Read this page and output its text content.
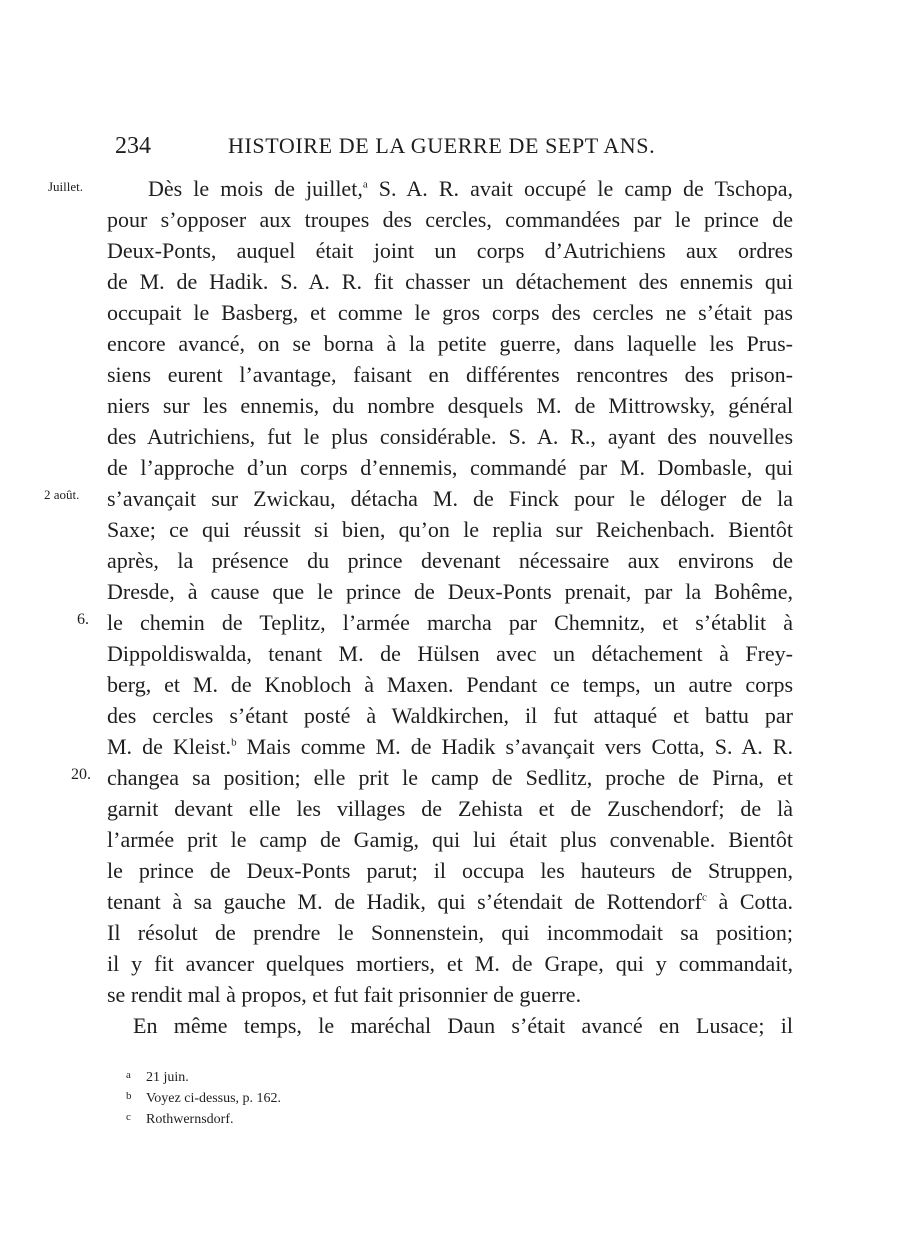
234	HISTOIRE DE LA GUERRE DE SEPT ANS.
Juillet.
2 août.
6.
20.
Dès le mois de juillet,$^a$ S. A. R. avait occupé le camp de Tschopa,
pour s’opposer aux troupes des cercles, commandées par le prince de
Deux-Ponts, auquel était joint un corps d’Autrichiens aux ordres
de M. de Hadik. S. A. R. fit chasser un détachement des ennemis qui
occupait le Basberg, et comme le gros corps des cercles ne s’était pas
encore avancé, on se borna à la petite guerre, dans laquelle les Prus-
siens eurent l’avantage, faisant en différentes rencontres des prison-
niers sur les ennemis, du nombre desquels M. de Mittrowsky, général
des Autrichiens, fut le plus considérable. S. A. R., ayant des nouvelles
de l’approche d’un corps d’ennemis, commandé par M. Dombasle, qui
s’avançait sur Zwickau, détacha M. de Finck pour le déloger de la
Saxe; ce qui réussit si bien, qu’on le replia sur Reichenbach. Bientôt
après, la présence du prince devenant nécessaire aux environs de
Dresde, à cause que le prince de Deux-Ponts prenait, par la Bohême,
le chemin de Teplitz, l’armée marcha par Chemnitz, et s’établit à
Dippoldiswalda, tenant M. de Hülsen avec un détachement à Frey-
berg, et M. de Knobloch à Maxen. Pendant ce temps, un autre corps
des cercles s’étant posté à Waldkirchen, il fut attaqué et battu par
M. de Kleist.$^b$ Mais comme M. de Hadik s’avançait vers Cotta, S. A. R.
changea sa position; elle prit le camp de Sedlitz, proche de Pirna, et
garnit devant elle les villages de Zehista et de Zuschendorf; de là
l’armée prit le camp de Gamig, qui lui était plus convenable. Bientôt
le prince de Deux-Ponts parut; il occupa les hauteurs de Struppen,
tenant à sa gauche M. de Hadik, qui s’étendait de Rottendorf$^c$ à Cotta.
Il résolut de prendre le Sonnenstein, qui incommodait sa position;
il y fit avancer quelques mortiers, et M. de Grape, qui y commandait,
se rendit mal à propos, et fut fait prisonnier de guerre.
En même temps, le maréchal Daun s’était avancé en Lusace; il
a 21 juin.
b Voyez ci-dessus, p. 162.
c Rothwernsdorf.
